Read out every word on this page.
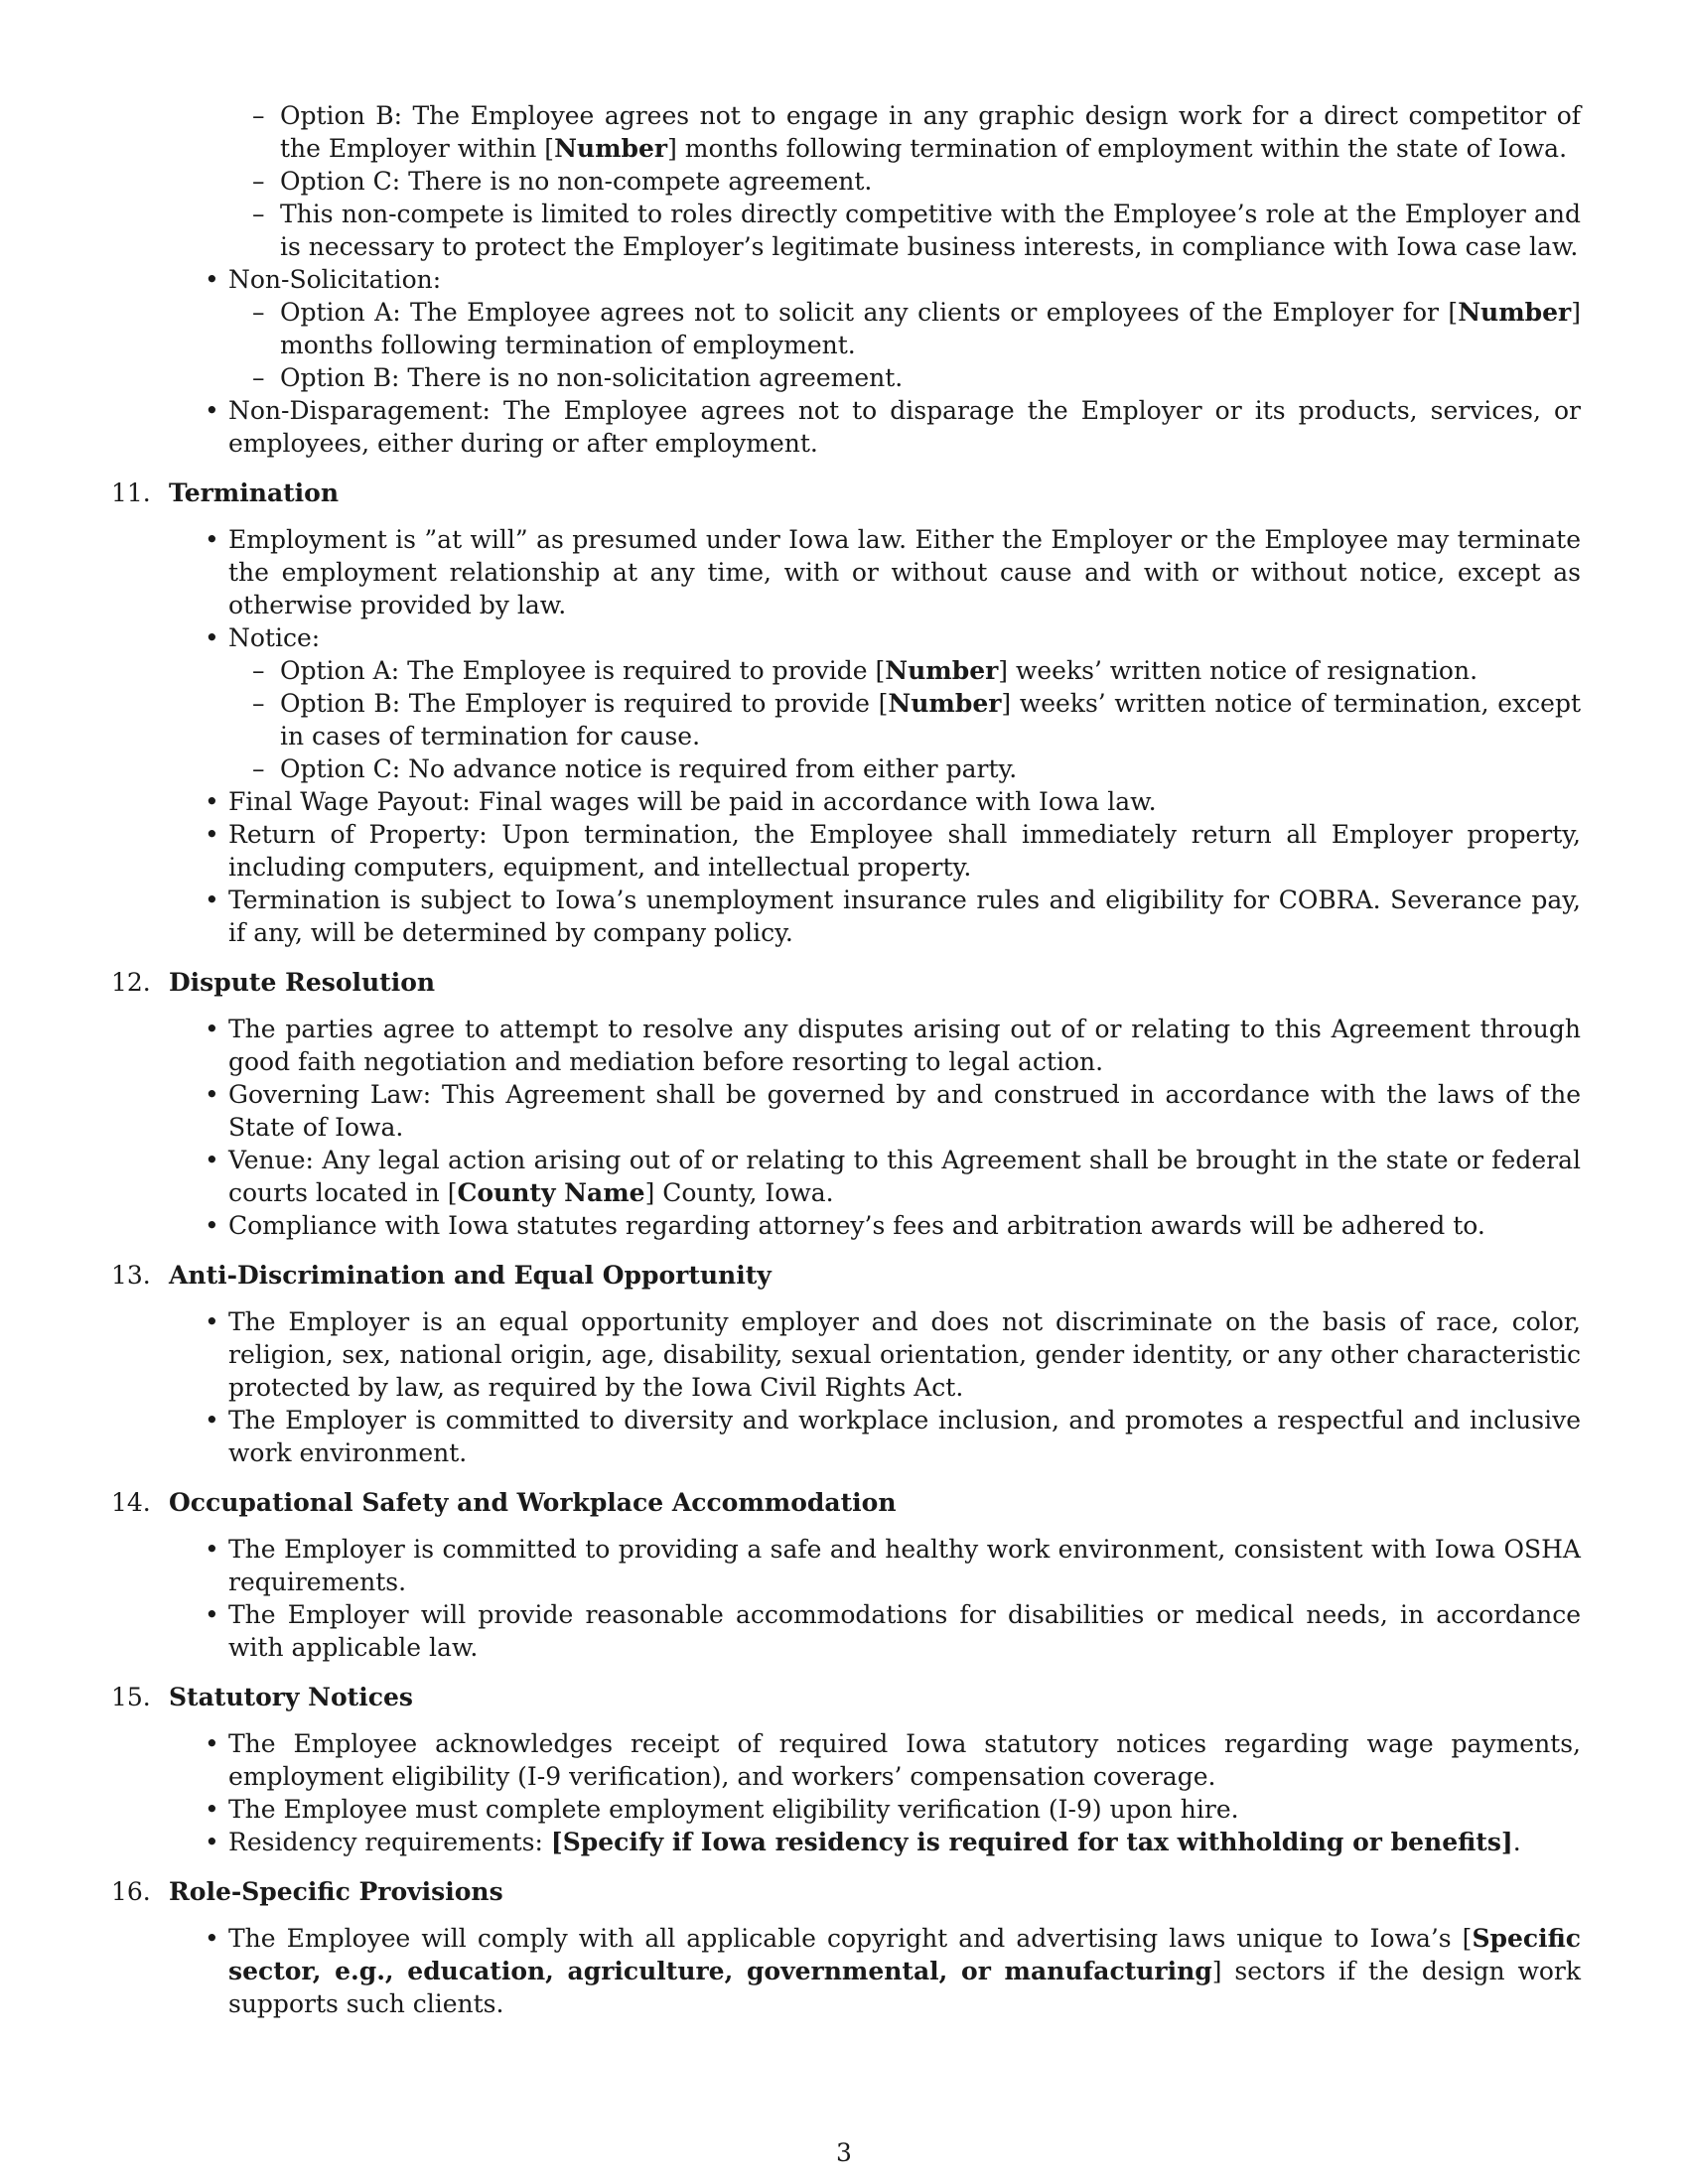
– Option B: The Employee agrees not to engage in any graphic design work for a direct competitor of the Employer within [Number] months following termination of employment within the state of Iowa.
– Option C: There is no non-compete agreement.
– This non-compete is limited to roles directly competitive with the Employee’s role at the Employer and is necessary to protect the Employer’s legitimate business interests, in compliance with Iowa case law.
• Non-Solicitation:
– Option A: The Employee agrees not to solicit any clients or employees of the Employer for [Number] months following termination of employment.
– Option B: There is no non-solicitation agreement.
• Non-Disparagement: The Employee agrees not to disparage the Employer or its products, services, or employees, either during or after employment.
11. Termination
• Employment is ”at will” as presumed under Iowa law. Either the Employer or the Employee may terminate the employment relationship at any time, with or without cause and with or without notice, except as otherwise provided by law.
• Notice:
– Option A: The Employee is required to provide [Number] weeks’ written notice of resignation.
– Option B: The Employer is required to provide [Number] weeks’ written notice of termination, except in cases of termination for cause.
– Option C: No advance notice is required from either party.
• Final Wage Payout: Final wages will be paid in accordance with Iowa law.
• Return of Property: Upon termination, the Employee shall immediately return all Employer property, including computers, equipment, and intellectual property.
• Termination is subject to Iowa’s unemployment insurance rules and eligibility for COBRA. Severance pay, if any, will be determined by company policy.
12. Dispute Resolution
• The parties agree to attempt to resolve any disputes arising out of or relating to this Agreement through good faith negotiation and mediation before resorting to legal action.
• Governing Law: This Agreement shall be governed by and construed in accordance with the laws of the State of Iowa.
• Venue: Any legal action arising out of or relating to this Agreement shall be brought in the state or federal courts located in [County Name] County, Iowa.
• Compliance with Iowa statutes regarding attorney’s fees and arbitration awards will be adhered to.
13. Anti-Discrimination and Equal Opportunity
• The Employer is an equal opportunity employer and does not discriminate on the basis of race, color, religion, sex, national origin, age, disability, sexual orientation, gender identity, or any other characteristic protected by law, as required by the Iowa Civil Rights Act.
• The Employer is committed to diversity and workplace inclusion, and promotes a respectful and inclusive work environment.
14. Occupational Safety and Workplace Accommodation
• The Employer is committed to providing a safe and healthy work environment, consistent with Iowa OSHA requirements.
• The Employer will provide reasonable accommodations for disabilities or medical needs, in accordance with applicable law.
15. Statutory Notices
• The Employee acknowledges receipt of required Iowa statutory notices regarding wage payments, employment eligibility (I-9 verification), and workers’ compensation coverage.
• The Employee must complete employment eligibility verification (I-9) upon hire.
• Residency requirements: [Specify if Iowa residency is required for tax withholding or benefits].
16. Role-Specific Provisions
• The Employee will comply with all applicable copyright and advertising laws unique to Iowa’s [Specific sector, e.g., education, agriculture, governmental, or manufacturing] sectors if the design work supports such clients.
3
